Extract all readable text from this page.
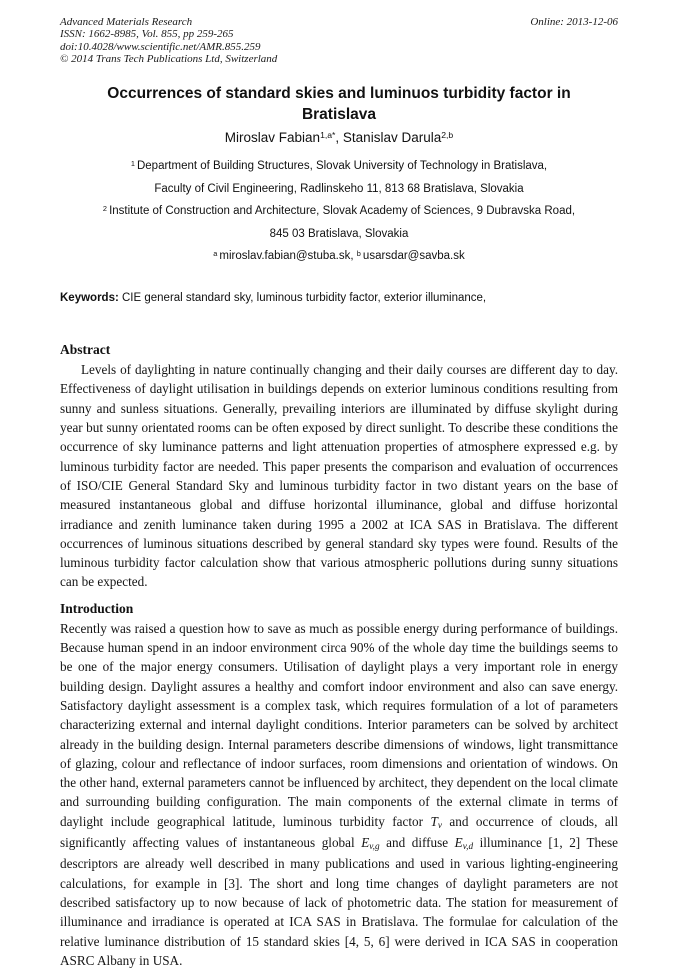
Advanced Materials Research
ISSN: 1662-8985, Vol. 855, pp 259-265
doi:10.4028/www.scientific.net/AMR.855.259
© 2014 Trans Tech Publications Ltd, Switzerland
Online: 2013-12-06
Occurrences of standard skies and luminuos turbidity factor in Bratislava
Miroslav Fabian$^{1,a*}$, Stanislav Darula$^{2,b}$
$^1$ Department of Building Structures, Slovak University of Technology in Bratislava,
Faculty of Civil Engineering, Radlinskeho 11, 813 68 Bratislava, Slovakia
$^2$ Institute of Construction and Architecture, Slovak Academy of Sciences, 9 Dubravska Road,
845 03 Bratislava, Slovakia
$^a$ miroslav.fabian@stuba.sk, $^b$ usarsdar@savba.sk
Keywords: CIE general standard sky, luminous turbidity factor, exterior illuminance,
Abstract
Levels of daylighting in nature continually changing and their daily courses are different day to day. Effectiveness of daylight utilisation in buildings depends on exterior luminous conditions resulting from sunny and sunless situations. Generally, prevailing interiors are illuminated by diffuse skylight during year but sunny orientated rooms can be often exposed by direct sunlight. To describe these conditions the occurrence of sky luminance patterns and light attenuation properties of atmosphere expressed e.g. by luminous turbidity factor are needed. This paper presents the comparison and evaluation of occurrences of ISO/CIE General Standard Sky and luminous turbidity factor in two distant years on the base of measured instantaneous global and diffuse horizontal illuminance, global and diffuse horizontal irradiance and zenith luminance taken during 1995 a 2002 at ICA SAS in Bratislava. The different occurrences of luminous situations described by general standard sky types were found. Results of the luminous turbidity factor calculation show that various atmospheric pollutions during sunny situations can be expected.
Introduction
Recently was raised a question how to save as much as possible energy during performance of buildings. Because human spend in an indoor environment circa 90% of the whole day time the buildings seems to be one of the major energy consumers. Utilisation of daylight plays a very important role in energy building design. Daylight assures a healthy and comfort indoor environment and also can save energy. Satisfactory daylight assessment is a complex task, which requires formulation of a lot of parameters characterizing external and internal daylight conditions. Interior parameters can be solved by architect already in the building design. Internal parameters describe dimensions of windows, light transmittance of glazing, colour and reflectance of indoor surfaces, room dimensions and orientation of windows. On the other hand, external parameters cannot be influenced by architect, they dependent on the local climate and surrounding building configuration. The main components of the external climate in terms of daylight include geographical latitude, luminous turbidity factor Tv and occurrence of clouds, all significantly affecting values of instantaneous global Ev,g and diffuse Ev,d illuminance [1, 2] These descriptors are already well described in many publications and used in various lighting-engineering calculations, for example in [3]. The short and long time changes of daylight parameters are not described satisfactory up to now because of lack of photometric data. The station for measurement of illuminance and irradiance is operated at ICA SAS in Bratislava. The formulae for calculation of the relative luminance distribution of 15 standard skies [4, 5, 6] were derived in ICA SAS in cooperation ASRC Albany in USA.
